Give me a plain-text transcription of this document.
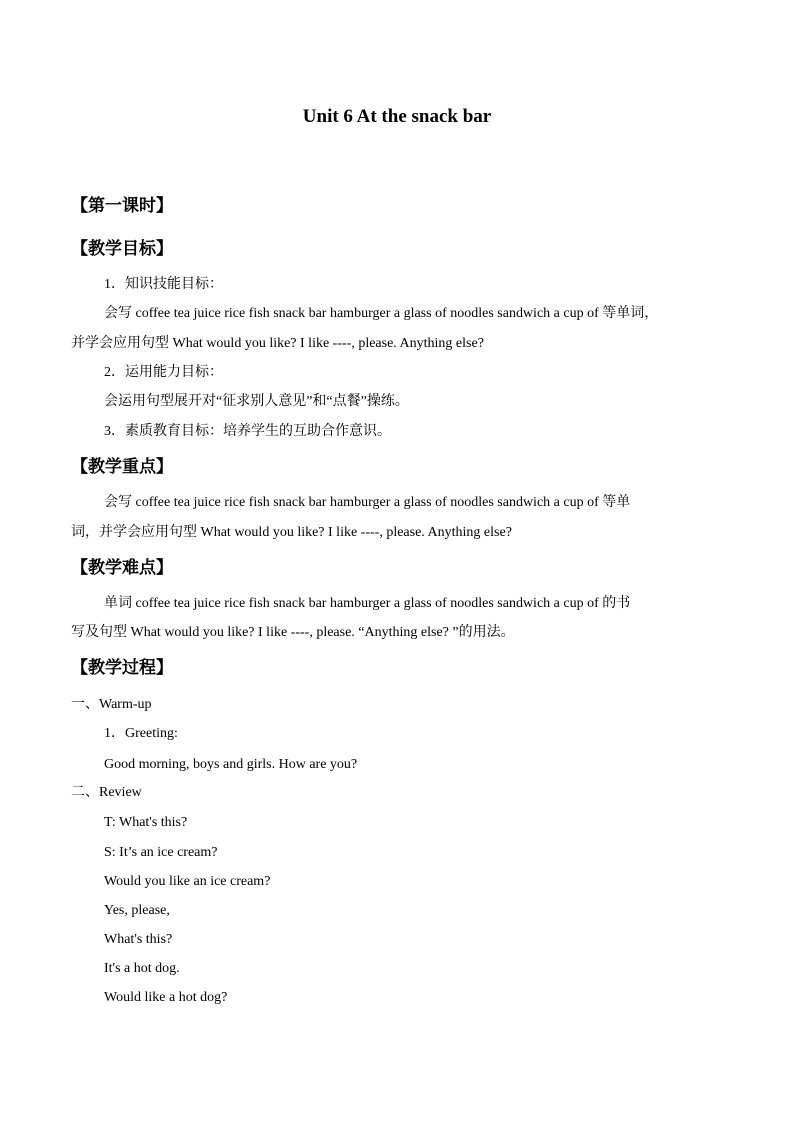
Unit 6 At the snack bar
【第一课时】
【教学目标】
1．知识技能目标：
会写 coffee tea juice rice fish snack bar hamburger a glass of noodles sandwich a cup of 等单词，
并学会应用句型 What would you like? I like ----, please. Anything else?
2．运用能力目标：
会运用句型展开对“征求别人意见”和“点餐”操练。
3．素质教育目标：培养学生的互助合作意识。
【教学重点】
会写 coffee tea juice rice fish snack bar hamburger a glass of noodles sandwich a cup of 等单
词，并学会应用句型 What would you like? I like ----, please. Anything else?
【教学难点】
单词 coffee tea juice rice fish snack bar hamburger a glass of noodles sandwich a cup of 的书
写及句型 What would you like? I like ----, please. “Anything else? ”的用法。
【教学过程】
一、Warm-up
1．Greeting:
Good morning, boys and girls. How are you?
二、Review
T: What's this?
S: It’s an ice cream?
Would you like an ice cream?
Yes, please,
What's this?
It's a hot dog.
Would like a hot dog?
